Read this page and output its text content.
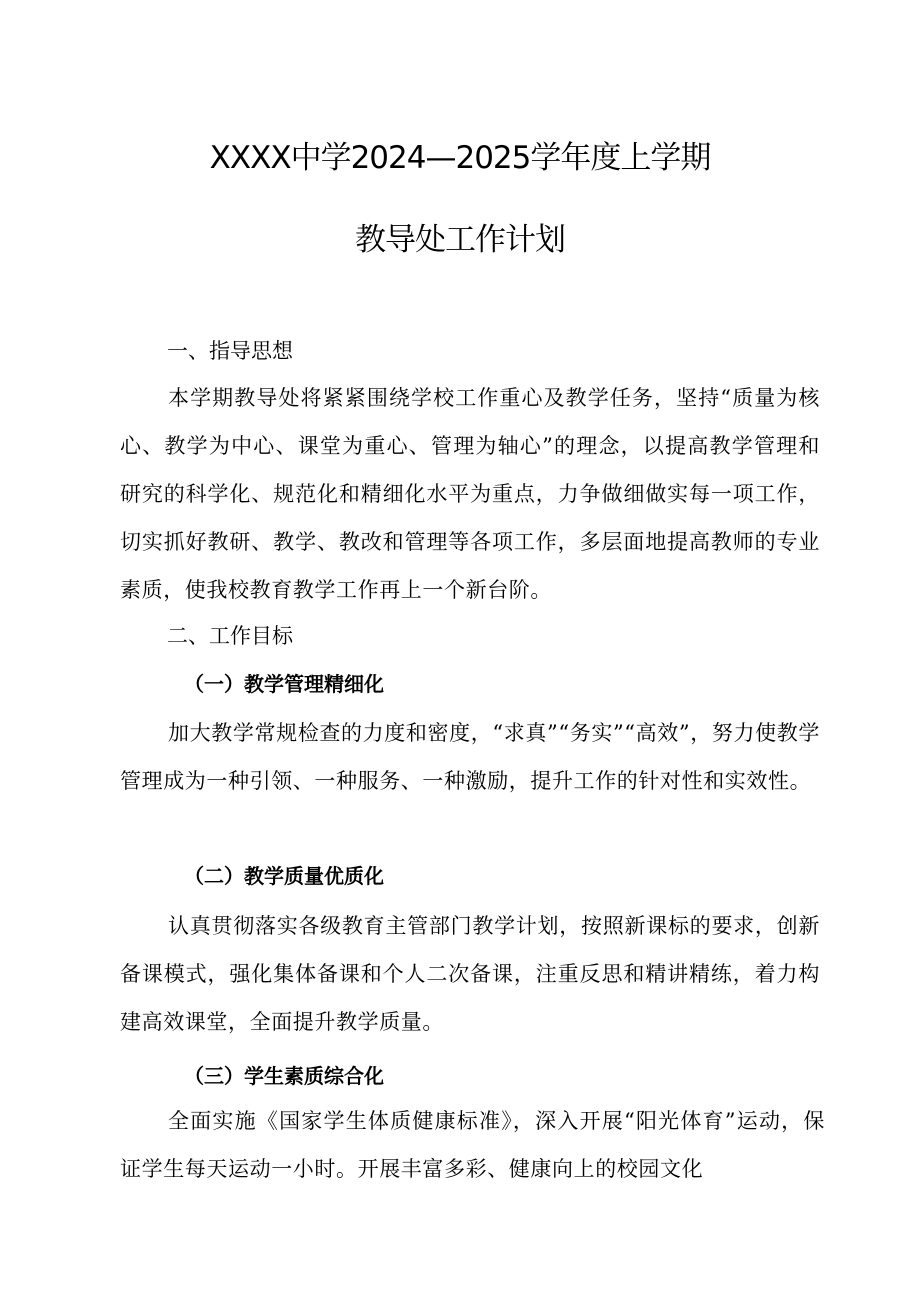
XXXX中学2024—2025学年度上学期
教导处工作计划
一、指导思想

本学期教导处将紧紧围绕学校工作重心及教学任务，坚持“质量为核心、教学为中心、课堂为重心、管理为轴心”的理念，以提高教学管理和研究的科学化、规范化和精细化水平为重点，力争做细做实每一项工作，切实抓好教研、教学、教改和管理等各项工作，多层面地提高教师的专业素质，使我校教育教学工作再上一个新台阶。

二、工作目标
（一）教学管理精细化

加大教学常规检查的力度和密度，“求真”“务实”“高效”，努力使教学管理成为一种引领、一种服务、一种激励，提升工作的针对性和实效性。

（二）教学质量优质化

认真贯彻落实各级教育主管部门教学计划，按照新课标的要求，创新备课模式，强化集体备课和个人二次备课，注重反思和精讲精练，着力构建高效课堂，全面提升教学质量。

（三）学生素质综合化

全面实施《国家学生体质健康标准》，深入开展“阳光体育”运动，保证学生每天运动一小时。开展丰富多彩、健康向上的校园文化
